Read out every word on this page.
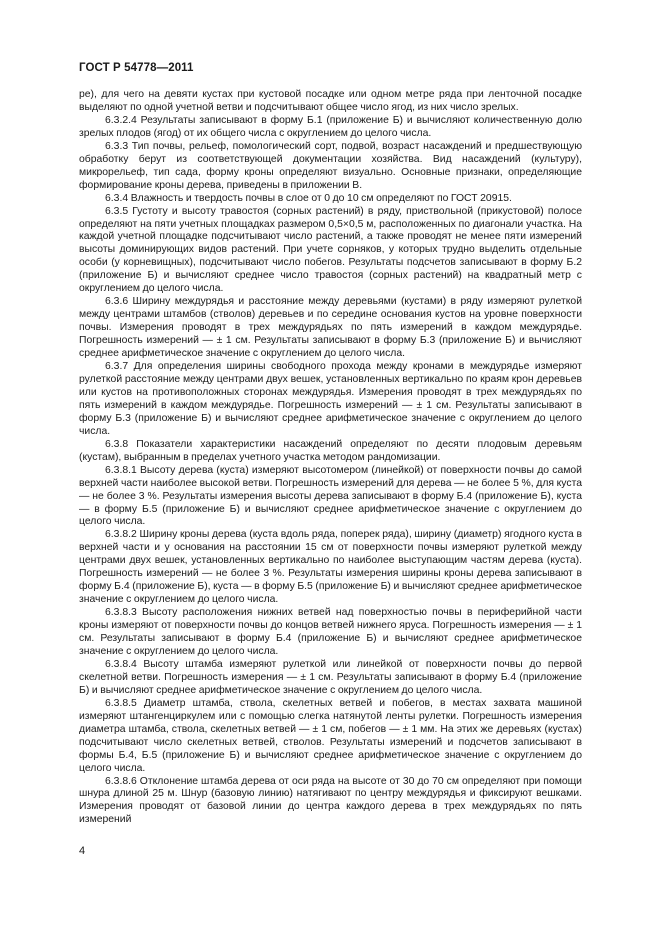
ГОСТ Р 54778—2011

ре), для чего на девяти кустах при кустовой посадке или одном метре ряда при ленточной посадке выделяют по одной учетной ветви и подсчитывают общее число ягод, из них число зрелых.

6.3.2.4 Результаты записывают в форму Б.1 (приложение Б) и вычисляют количественную долю зрелых плодов (ягод) от их общего числа с округлением до целого числа.

6.3.3 Тип почвы, рельеф, помологический сорт, подвой, возраст насаждений и предшествующую обработку берут из соответствующей документации хозяйства. Вид насаждений (культуру), микрорельеф, тип сада, форму кроны определяют визуально. Основные признаки, определяющие формирование кроны дерева, приведены в приложении В.

6.3.4 Влажность и твердость почвы в слое от 0 до 10 см определяют по ГОСТ 20915.

6.3.5 Густоту и высоту травостоя (сорных растений) в ряду, приствольной (прикустовой) полосе определяют на пяти учетных площадках размером 0,5×0,5 м, расположенных по диагонали участка. На каждой учетной площадке подсчитывают число растений, а также проводят не менее пяти измерений высоты доминирующих видов растений. При учете сорняков, у которых трудно выделить отдельные особи (у корневищных), подсчитывают число побегов. Результаты подсчетов записывают в форму Б.2 (приложение Б) и вычисляют среднее число травостоя (сорных растений) на квадратный метр с округлением до целого числа.

6.3.6 Ширину междурядья и расстояние между деревьями (кустами) в ряду измеряют рулеткой между центрами штамбов (стволов) деревьев и по середине основания кустов на уровне поверхности почвы. Измерения проводят в трех междурядьях по пять измерений в каждом междурядье. Погрешность измерений — ± 1 см. Результаты записывают в форму Б.3 (приложение Б) и вычисляют среднее арифметическое значение с округлением до целого числа.

6.3.7 Для определения ширины свободного прохода между кронами в междурядье измеряют рулеткой расстояние между центрами двух вешек, установленных вертикально по краям крон деревьев или кустов на противоположных сторонах междурядья. Измерения проводят в трех междурядьях по пять измерений в каждом междурядье. Погрешность измерений — ± 1 см. Результаты записывают в форму Б.3 (приложение Б) и вычисляют среднее арифметическое значение с округлением до целого числа.

6.3.8 Показатели характеристики насаждений определяют по десяти плодовым деревьям (кустам), выбранным в пределах учетного участка методом рандомизации.

6.3.8.1 Высоту дерева (куста) измеряют высотомером (линейкой) от поверхности почвы до самой верхней части наиболее высокой ветви. Погрешность измерений для дерева — не более 5 %, для куста — не более 3 %. Результаты измерения высоты дерева записывают в форму Б.4 (приложение Б), куста — в форму Б.5 (приложение Б) и вычисляют среднее арифметическое значение с округлением до целого числа.

6.3.8.2 Ширину кроны дерева (куста вдоль ряда, поперек ряда), ширину (диаметр) ягодного куста в верхней части и у основания на расстоянии 15 см от поверхности почвы измеряют рулеткой между центрами двух вешек, установленных вертикально по наиболее выступающим частям дерева (куста). Погрешность измерений — не более 3 %. Результаты измерения ширины кроны дерева записывают в форму Б.4 (приложение Б), куста — в форму Б.5 (приложение Б) и вычисляют среднее арифметическое значение с округлением до целого числа.

6.3.8.3 Высоту расположения нижних ветвей над поверхностью почвы в периферийной части кроны измеряют от поверхности почвы до концов ветвей нижнего яруса. Погрешность измерения — ± 1 см. Результаты записывают в форму Б.4 (приложение Б) и вычисляют среднее арифметическое значение с округлением до целого числа.

6.3.8.4 Высоту штамба измеряют рулеткой или линейкой от поверхности почвы до первой скелетной ветви. Погрешность измерения — ± 1 см. Результаты записывают в форму Б.4 (приложение Б) и вычисляют среднее арифметическое значение с округлением до целого числа.

6.3.8.5 Диаметр штамба, ствола, скелетных ветвей и побегов, в местах захвата машиной измеряют штангенциркулем или с помощью слегка натянутой ленты рулетки. Погрешность измерения диаметра штамба, ствола, скелетных ветвей — ± 1 см, побегов — ± 1 мм. На этих же деревьях (кустах) подсчитывают число скелетных ветвей, стволов. Результаты измерений и подсчетов записывают в формы Б.4, Б.5 (приложение Б) и вычисляют среднее арифметическое значение с округлением до целого числа.

6.3.8.6 Отклонение штамба дерева от оси ряда на высоте от 30 до 70 см определяют при помощи шнура длиной 25 м. Шнур (базовую линию) натягивают по центру междурядья и фиксируют вешками. Измерения проводят от базовой линии до центра каждого дерева в трех междурядьях по пять измерений

4
